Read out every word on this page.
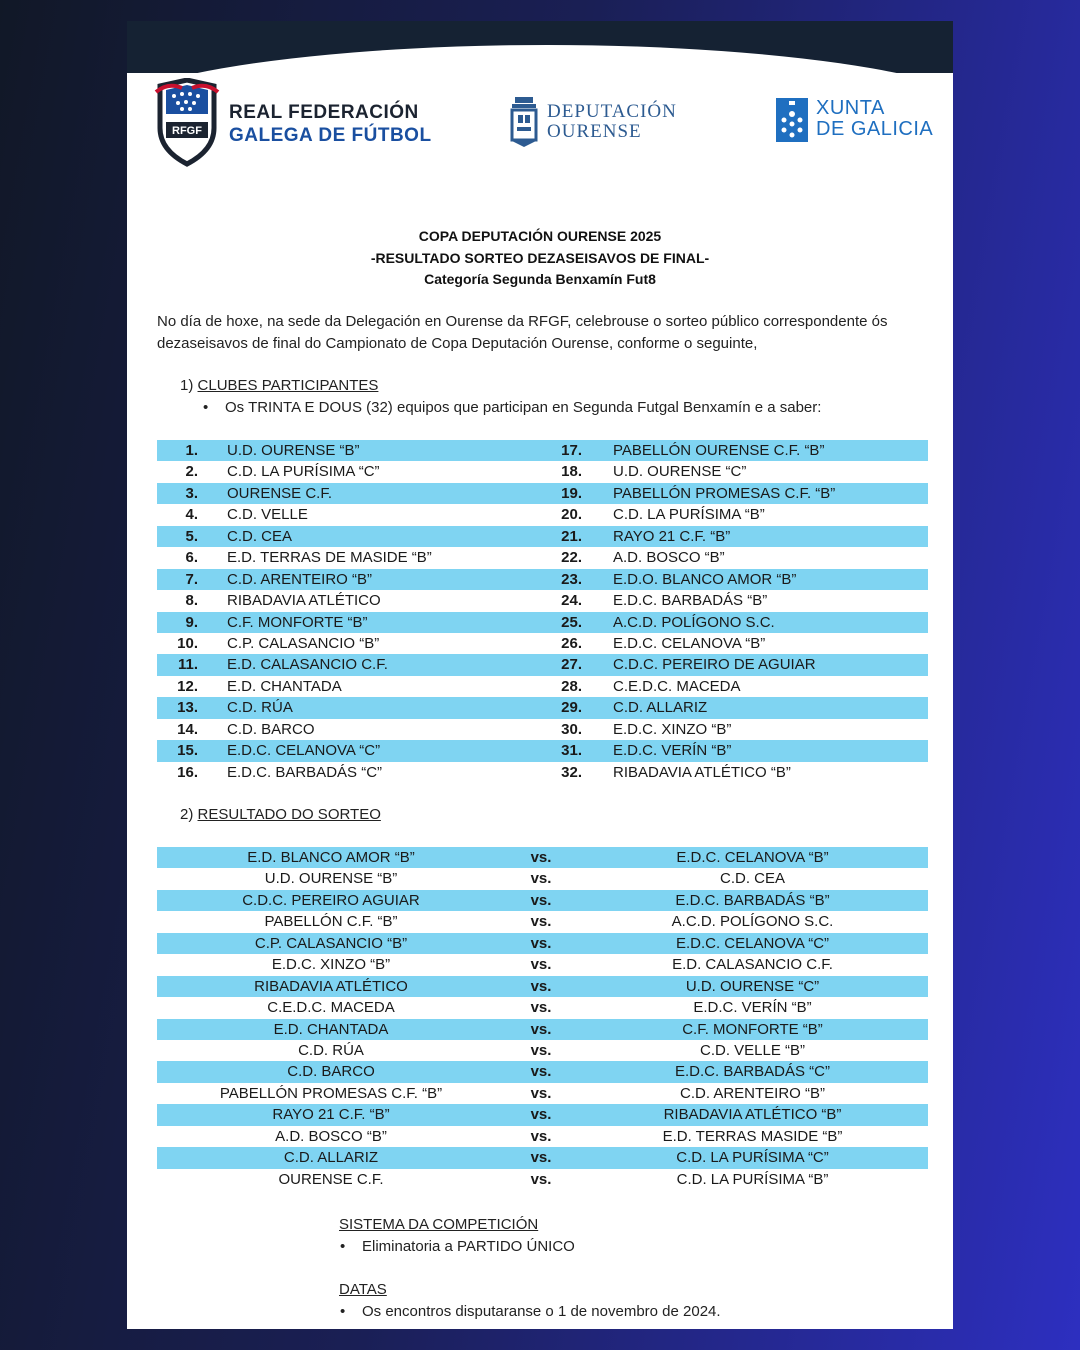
RFGF
REAL FEDERACIÓN
GALEGA DE FÚTBOL
DEPUTACIÓN
OURENSE
XUNTA
DE GALICIA
COPA DEPUTACIÓN OURENSE 2025
-RESULTADO SORTEO DEZASEISAVOS DE FINAL-
Categoría Segunda Benxamín Fut8
No día de hoxe, na sede da Delegación en Ourense da RFGF, celebrouse o sorteo público correspondente ós dezaseisavos de final do Campionato de Copa Deputación Ourense, conforme o seguinte,
1) CLUBES PARTICIPANTES
• Os TRINTA E DOUS (32) equipos que participan en Segunda Futgal Benxamín e a saber:
1.	U.D. OURENSE “B”	17.	PABELLÓN OURENSE C.F. “B”
2.	C.D. LA PURÍSIMA “C”	18.	U.D. OURENSE “C”
3.	OURENSE C.F.	19.	PABELLÓN PROMESAS C.F. “B”
4.	C.D. VELLE	20.	C.D. LA PURÍSIMA “B”
5.	C.D. CEA	21.	RAYO 21 C.F. “B”
6.	E.D. TERRAS DE MASIDE “B”	22.	A.D. BOSCO “B”
7.	C.D. ARENTEIRO “B”	23.	E.D.O. BLANCO AMOR “B”
8.	RIBADAVIA ATLÉTICO	24.	E.D.C. BARBADÁS “B”
9.	C.F. MONFORTE “B”	25.	A.C.D. POLÍGONO S.C.
10.	C.P. CALASANCIO “B”	26.	E.D.C. CELANOVA “B”
11.	E.D. CALASANCIO C.F.	27.	C.D.C. PEREIRO DE AGUIAR
12.	E.D. CHANTADA	28.	C.E.D.C. MACEDA
13.	C.D. RÚA	29.	C.D. ALLARIZ
14.	C.D. BARCO	30.	E.D.C. XINZO “B”
15.	E.D.C. CELANOVA “C”	31.	E.D.C. VERÍN “B”
16.	E.D.C. BARBADÁS “C”	32.	RIBADAVIA ATLÉTICO “B”
2) RESULTADO DO SORTEO
E.D. BLANCO AMOR “B”	vs.	E.D.C. CELANOVA “B”
U.D. OURENSE “B”	vs.	C.D. CEA
C.D.C. PEREIRO AGUIAR	vs.	E.D.C. BARBADÁS “B”
PABELLÓN C.F. “B”	vs.	A.C.D. POLÍGONO S.C.
C.P. CALASANCIO “B”	vs.	E.D.C. CELANOVA “C”
E.D.C. XINZO “B”	vs.	E.D. CALASANCIO C.F.
RIBADAVIA ATLÉTICO	vs.	U.D. OURENSE “C”
C.E.D.C. MACEDA	vs.	E.D.C. VERÍN “B”
E.D. CHANTADA	vs.	C.F. MONFORTE “B”
C.D. RÚA	vs.	C.D. VELLE “B”
C.D. BARCO	vs.	E.D.C. BARBADÁS “C”
PABELLÓN PROMESAS C.F. “B”	vs.	C.D. ARENTEIRO “B”
RAYO 21 C.F. “B”	vs.	RIBADAVIA ATLÉTICO “B”
A.D. BOSCO “B”	vs.	E.D. TERRAS MASIDE “B”
C.D. ALLARIZ	vs.	C.D. LA PURÍSIMA “C”
OURENSE C.F.	vs.	C.D. LA PURÍSIMA “B”
SISTEMA DA COMPETICIÓN
• Eliminatoria a PARTIDO ÚNICO
DATAS
• Os encontros disputaranse o 1 de novembro de 2024.
